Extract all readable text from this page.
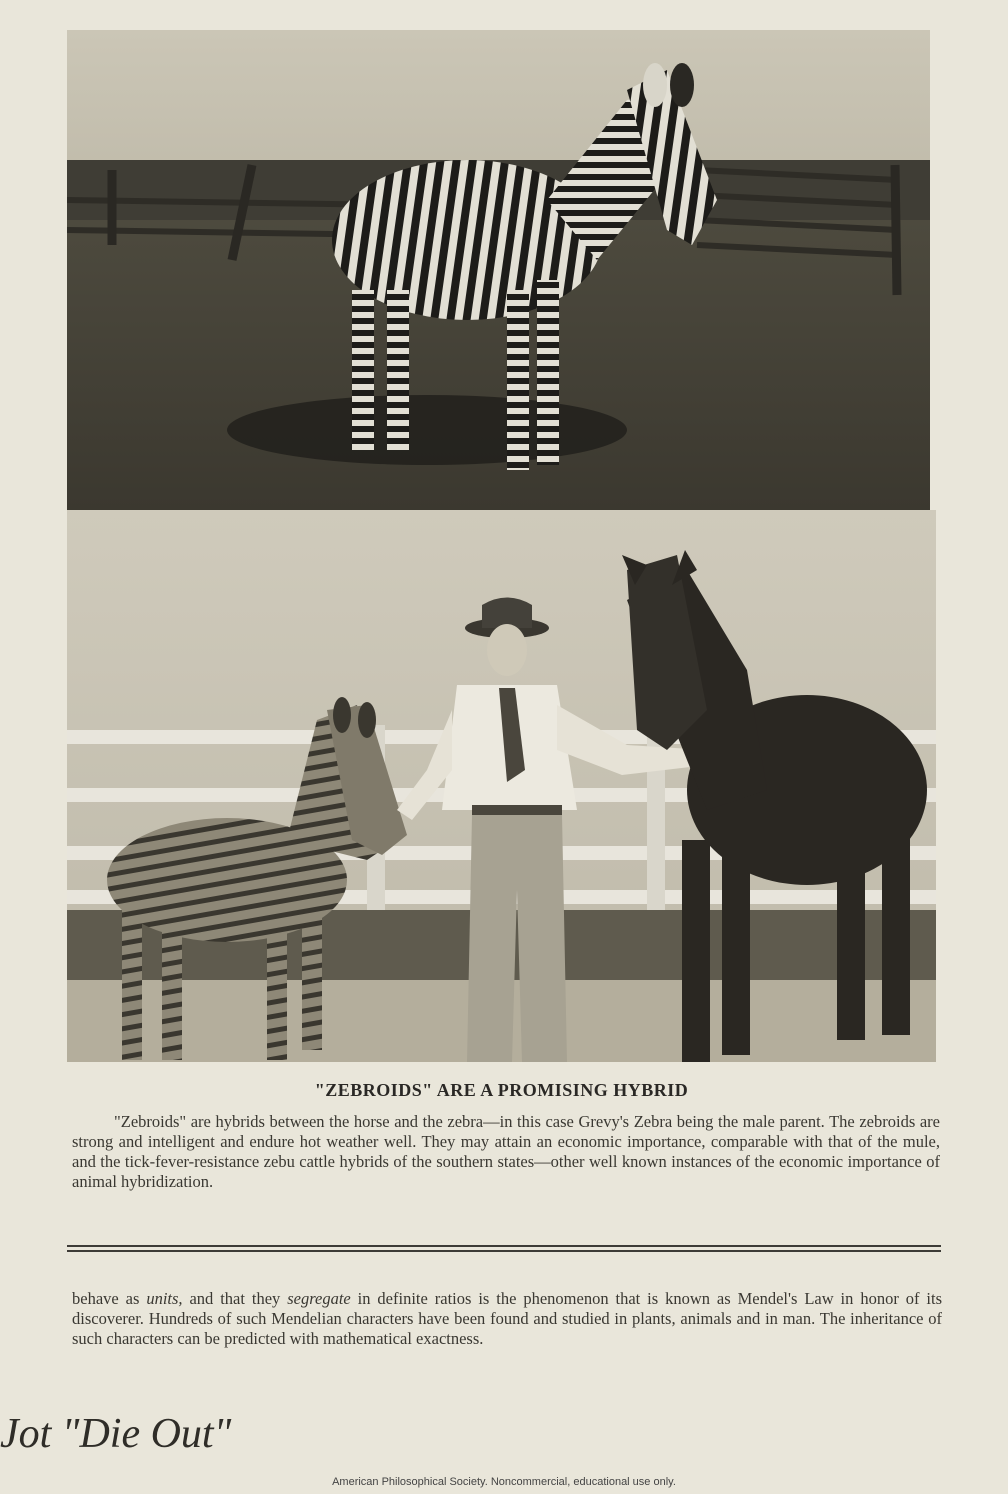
"ZEBROIDS" ARE A PROMISING HYBRID
"Zebroids" are hybrids between the horse and the zebra—in this case Grevy's Zebra being the male parent. The zebroids are strong and intelligent and endure hot weather well. They may attain an economic importance, comparable with that of the mule, and the tick-fever-resistance zebu cattle hybrids of the southern states—other well known instances of the economic importance of animal hybridization.
behave as units, and that they segregate in definite ratios is the phenomenon that is known as Mendel's Law in honor of its discoverer. Hundreds of such Mendelian characters have been found and studied in plants, animals and in man. The inheritance of such characters can be predicted with mathematical exactness.
Jot "Die Out"
American Philosophical Society. Noncommercial, educational use only.
